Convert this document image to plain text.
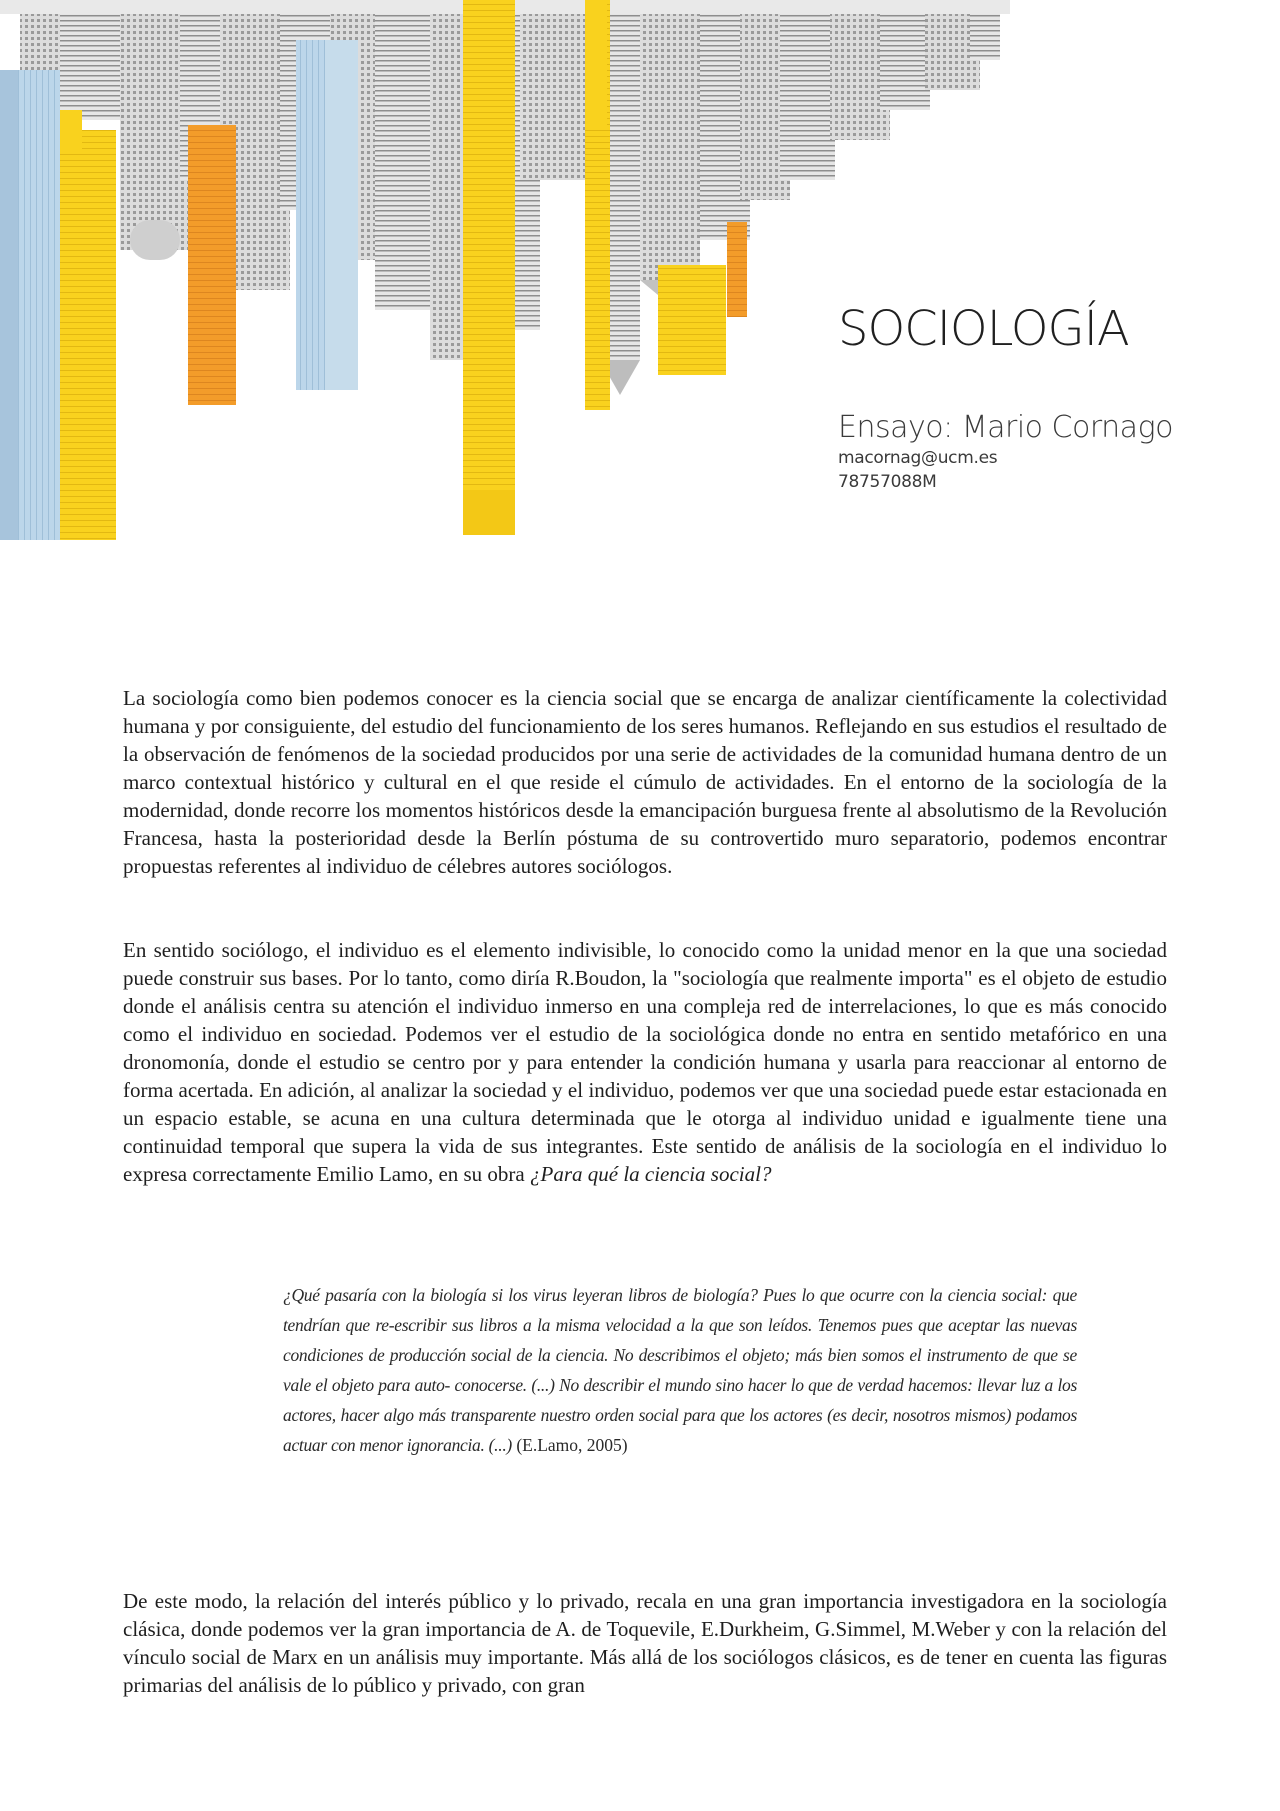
SOCIOLOGÍA
Ensayo: Mario Cornago
macornag@ucm.es
78757088M

La sociología como bien podemos conocer es la ciencia social que se encarga de analizar científicamente la colectividad humana y por consiguiente, del estudio del funcionamiento de los seres humanos. Reflejando en sus estudios el resultado de la observación de fenómenos de la sociedad producidos por una serie de actividades de la comunidad humana dentro de un marco contextual histórico y cultural en el que reside el cúmulo de actividades. En el entorno de la sociología de la modernidad, donde recorre los momentos históricos desde la emancipación burguesa frente al absolutismo de la Revolución Francesa, hasta la posterioridad desde la Berlín póstuma de su controvertido muro separatorio, podemos encontrar propuestas referentes al individuo de célebres autores sociólogos.

En sentido sociólogo, el individuo es el elemento indivisible, lo conocido como la unidad menor en la que una sociedad puede construir sus bases. Por lo tanto, como diría R.Boudon, la "sociología que realmente importa" es el objeto de estudio donde el análisis centra su atención el individuo inmerso en una compleja red de interrelaciones, lo que es más conocido como el individuo en sociedad. Podemos ver el estudio de la sociológica donde no entra en sentido metafórico en una dronomonía, donde el estudio se centro por y para entender la condición humana y usarla para reaccionar al entorno de forma acertada. En adición, al analizar la sociedad y el individuo, podemos ver que una sociedad puede estar estacionada en un espacio estable, se acuna en una cultura determinada que le otorga al individuo unidad e igualmente tiene una continuidad temporal que supera la vida de sus integrantes. Este sentido de análisis de la sociología en el individuo lo expresa correctamente Emilio Lamo, en su obra ¿Para qué la ciencia social?

¿Qué pasaría con la biología si los virus leyeran libros de biología? Pues lo que ocurre con la ciencia social: que tendrían que re-escribir sus libros a la misma velocidad a la que son leídos. Tenemos pues que aceptar las nuevas condiciones de producción social de la ciencia. No describimos el objeto; más bien somos el instrumento de que se vale el objeto para auto- conocerse. (...) No describir el mundo sino hacer lo que de verdad hacemos: llevar luz a los actores, hacer algo más transparente nuestro orden social para que los actores (es decir, nosotros mismos) podamos actuar con menor ignorancia. (...) (E.Lamo, 2005)

De este modo, la relación del interés público y lo privado, recala en una gran importancia investigadora en la sociología clásica, donde podemos ver la gran importancia de A. de Toquevile, E.Durkheim, G.Simmel, M.Weber y con la relación del vínculo social de Marx en un análisis muy importante. Más allá de los sociólogos clásicos, es de tener en cuenta las figuras primarias del análisis de lo público y privado, con gran
